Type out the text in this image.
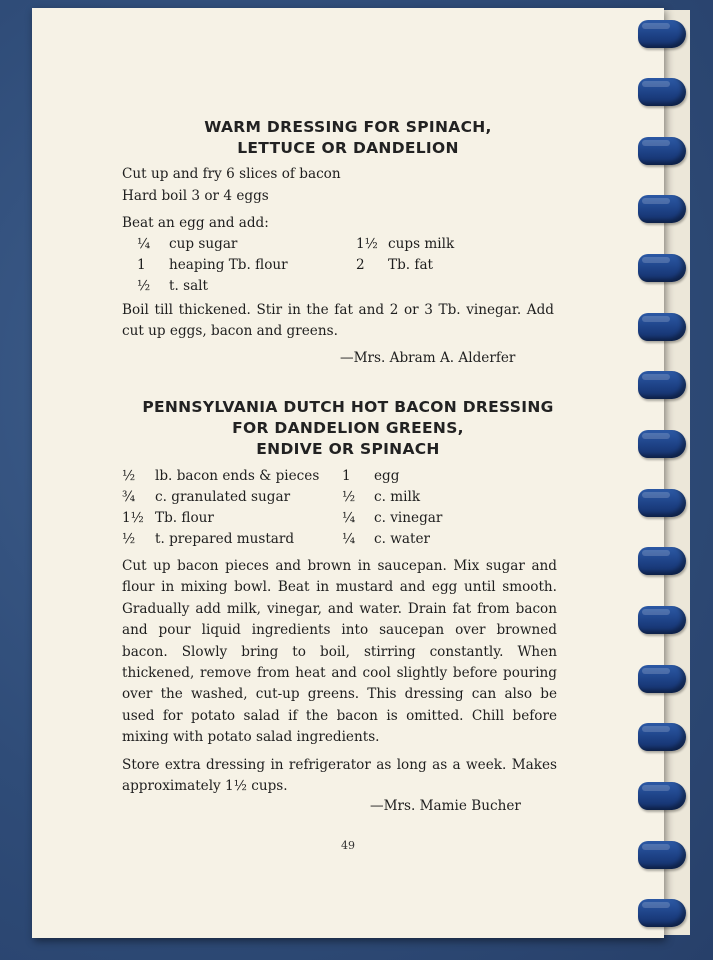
WARM DRESSING FOR SPINACH,
LETTUCE OR DANDELION
Cut up and fry 6 slices of bacon
Hard boil 3 or 4 eggs
Beat an egg and add:
¼ cup sugar
1 heaping Tb. flour
½ t. salt
1½ cups milk
2 Tb. fat
Boil till thickened. Stir in the fat and 2 or 3 Tb. vinegar. Add cut up eggs, bacon and greens.
—Mrs. Abram A. Alderfer
PENNSYLVANIA DUTCH HOT BACON DRESSING
FOR DANDELION GREENS,
ENDIVE OR SPINACH
½ lb. bacon ends & pieces
¾ c. granulated sugar
1½ Tb. flour
½ t. prepared mustard
1 egg
½ c. milk
¼ c. vinegar
¼ c. water
Cut up bacon pieces and brown in saucepan. Mix sugar and flour in mixing bowl. Beat in mustard and egg until smooth. Gradually add milk, vinegar, and water. Drain fat from bacon and pour liquid ingredients into saucepan over browned bacon. Slowly bring to boil, stirring constantly. When thickened, remove from heat and cool slightly before pouring over the washed, cut-up greens. This dressing can also be used for potato salad if the bacon is omitted. Chill before mixing with potato salad ingredients.
Store extra dressing in refrigerator as long as a week. Makes approximately 1½ cups.
—Mrs. Mamie Bucher
49
